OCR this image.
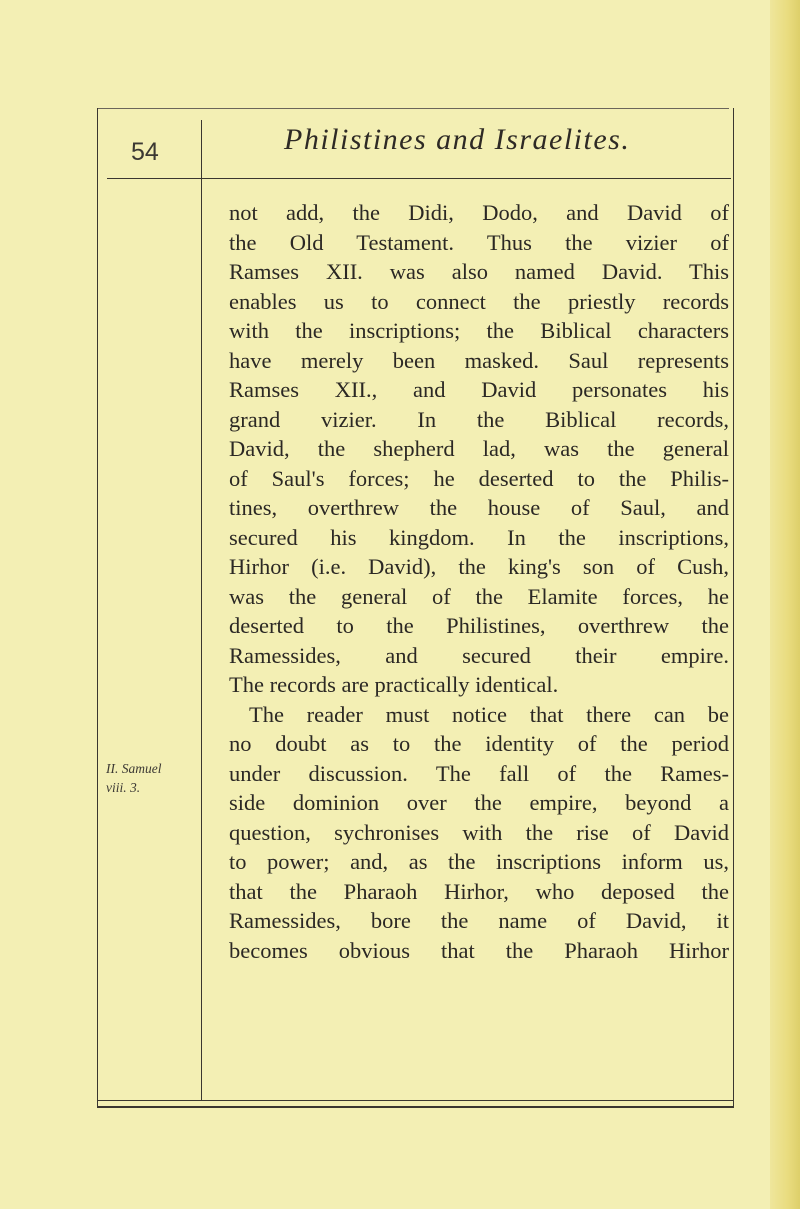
54	Philistines and Israelites.
II. Samuel
viii. 3.
not add, the Didi, Dodo, and David of
the Old Testament. Thus the vizier of
Ramses XII. was also named David. This
enables us to connect the priestly records
with the inscriptions; the Biblical characters
have merely been masked. Saul represents
Ramses XII., and David personates his
grand vizier. In the Biblical records,
David, the shepherd lad, was the general
of Saul's forces; he deserted to the Philis-
tines, overthrew the house of Saul, and
secured his kingdom. In the inscriptions,
Hirhor (i.e. David), the king's son of Cush,
was the general of the Elamite forces, he
deserted to the Philistines, overthrew the
Ramessides, and secured their empire.
The records are practically identical.
The reader must notice that there can be
no doubt as to the identity of the period
under discussion. The fall of the Rames-
side dominion over the empire, beyond a
question, sychronises with the rise of David
to power; and, as the inscriptions inform us,
that the Pharaoh Hirhor, who deposed the
Ramessides, bore the name of David, it
becomes obvious that the Pharaoh Hirhor
